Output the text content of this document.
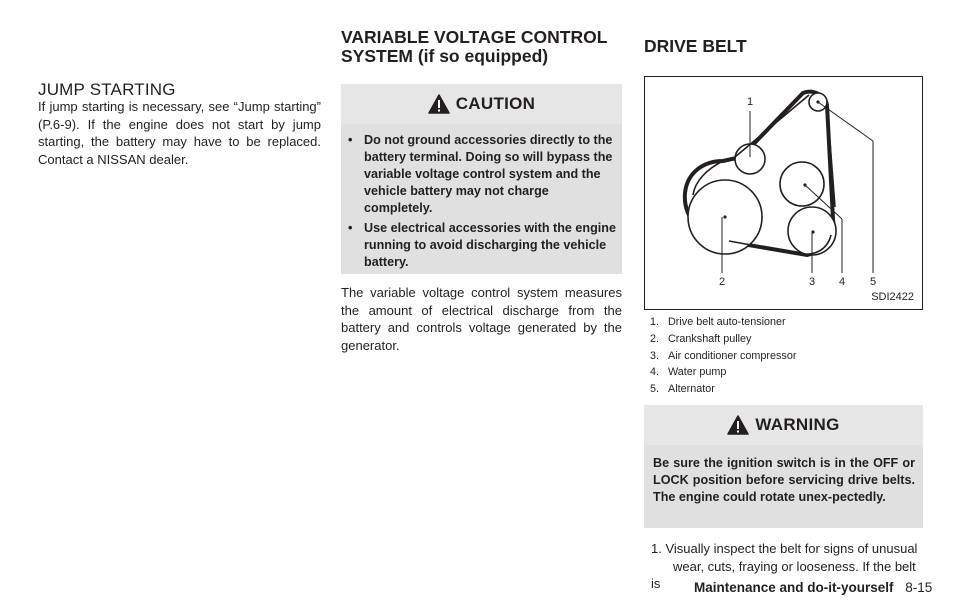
JUMP STARTING

If jump starting is necessary, see “Jump starting” (P.6-9). If the engine does not start by jump starting, the battery may have to be replaced. Contact a NISSAN dealer.

VARIABLE VOLTAGE CONTROL
SYSTEM (if so equipped)
CAUTION
• Do not ground accessories directly to the battery terminal. Doing so will bypass the variable voltage control system and the vehicle battery may not charge completely.
• Use electrical accessories with the engine running to avoid discharging the vehicle battery.

The variable voltage control system measures the amount of electrical discharge from the battery and controls voltage generated by the generator.

DRIVE BELT
1
2	3 4 5
SDI2422
1. Drive belt auto-tensioner
2. Crankshaft pulley
3. Air conditioner compressor
4. Water pump
5. Alternator
WARNING

Be sure the ignition switch is in the OFF or LOCK position before servicing drive belts. The engine could rotate unex-pectedly.

1. Visually inspect the belt for signs of unusual
wear, cuts, fraying or looseness. If the belt is	Maintenance and do-it-yourself 8-15
